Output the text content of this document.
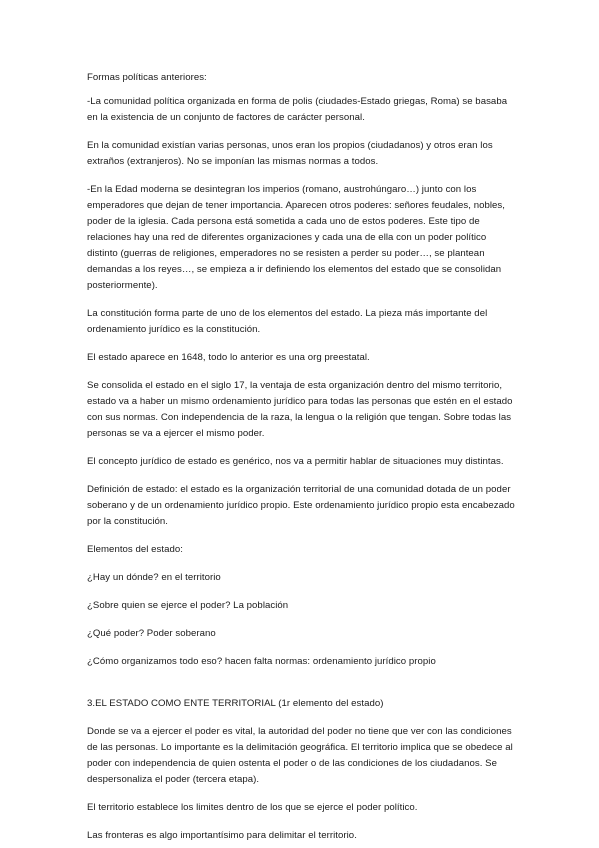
Formas políticas anteriores:

-La comunidad política organizada en forma de polis (ciudades-Estado griegas, Roma) se basaba en la existencia de un conjunto de factores de carácter personal.

En la comunidad existían varias personas, unos eran los propios (ciudadanos) y otros eran los extraños (extranjeros). No se imponían las mismas normas a todos.

-En la Edad moderna se desintegran los imperios (romano, austrohúngaro…) junto con los emperadores que dejan de tener importancia. Aparecen otros poderes: señores feudales, nobles, poder de la iglesia. Cada persona está sometida a cada uno de estos poderes. Este tipo de relaciones hay una red de diferentes organizaciones y cada una de ella con un poder político distinto (guerras de religiones, emperadores no se resisten a perder su poder…, se plantean demandas a los reyes…, se empieza a ir definiendo los elementos del estado que se consolidan posteriormente).

La constitución forma parte de uno de los elementos del estado. La pieza más importante del ordenamiento jurídico es la constitución.

El estado aparece en 1648, todo lo anterior es una org preestatal.

Se consolida el estado en el siglo 17, la ventaja de esta organización dentro del mismo territorio, estado va a haber un mismo ordenamiento jurídico para todas las personas que estén en el estado con sus normas. Con independencia de la raza, la lengua o la religión que tengan. Sobre todas las personas se va a ejercer el mismo poder.

El concepto jurídico de estado es genérico, nos va a permitir hablar de situaciones muy distintas.

Definición de estado: el estado es la organización territorial de una comunidad dotada de un poder soberano y de un ordenamiento jurídico propio. Este ordenamiento jurídico propio esta encabezado por la constitución.

Elementos del estado:

¿Hay un dónde? en el territorio

¿Sobre quien se ejerce el poder? La población

¿Qué poder? Poder soberano

¿Cómo organizamos todo eso? hacen falta normas: ordenamiento jurídico propio

3.EL ESTADO COMO ENTE TERRITORIAL (1r elemento del estado)

Donde se va a ejercer el poder es vital, la autoridad del poder no tiene que ver con las condiciones de las personas. Lo importante es la delimitación geográfica. El territorio implica que se obedece al poder con independencia de quien ostenta el poder o de las condiciones de los ciudadanos. Se despersonaliza el poder (tercera etapa).

El territorio establece los limites dentro de los que se ejerce el poder político.

Las fronteras es algo importantísimo para delimitar el territorio.
